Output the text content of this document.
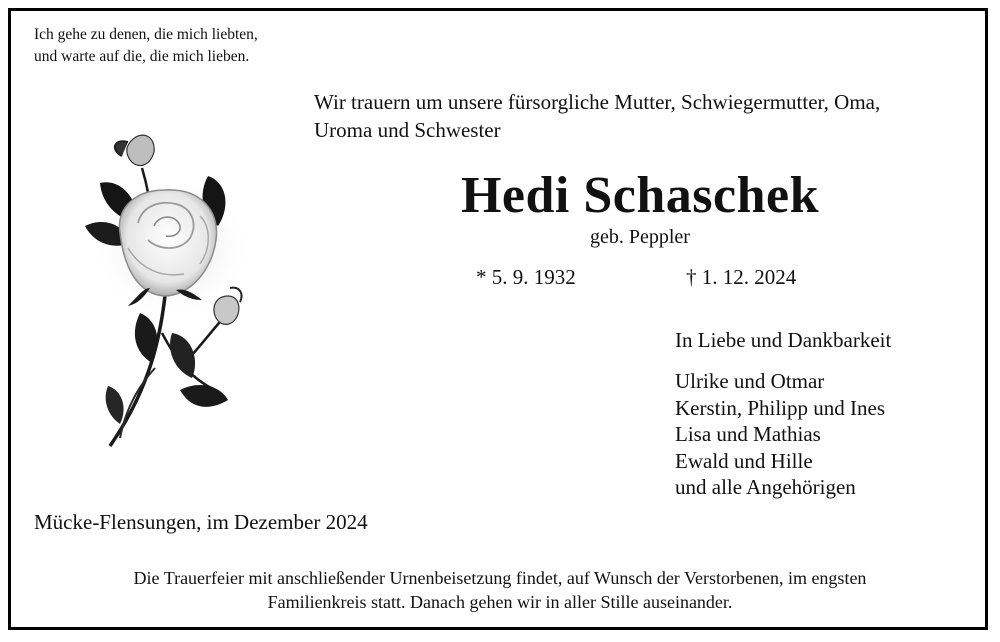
Ich gehe zu denen, die mich liebten,
und warte auf die, die mich lieben.
Wir trauern um unsere fürsorgliche Mutter, Schwiegermutter, Oma,
Uroma und Schwester
Hedi Schaschek
geb. Peppler
* 5. 9. 1932	† 1. 12. 2024
In Liebe und Dankbarkeit
Ulrike und Otmar
Kerstin, Philipp und Ines
Lisa und Mathias
Ewald und Hille
und alle Angehörigen
Mücke-Flensungen, im Dezember 2024
Die Trauerfeier mit anschließender Urnenbeisetzung findet, auf Wunsch der Verstorbenen, im engsten
Familienkreis statt. Danach gehen wir in aller Stille auseinander.
